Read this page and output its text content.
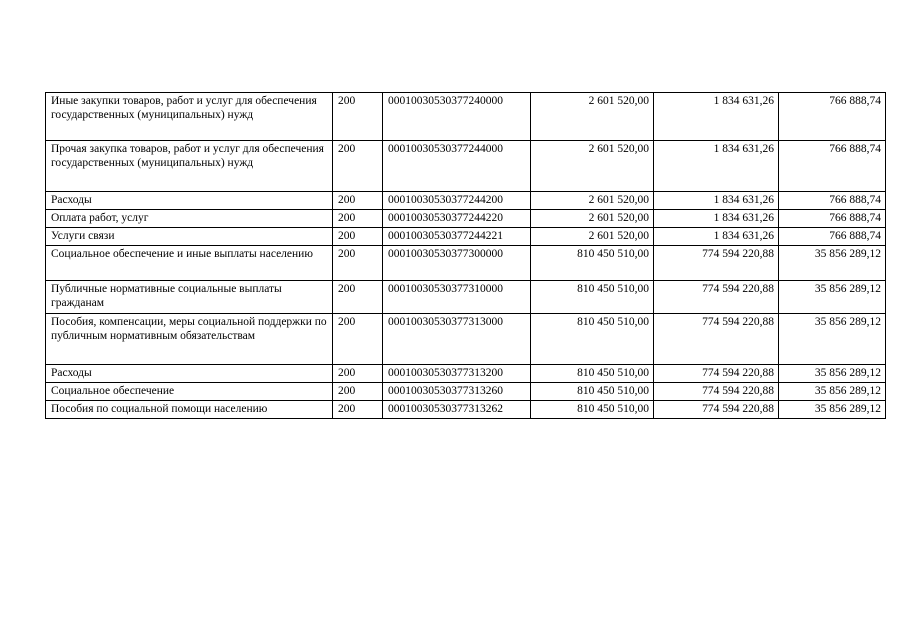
Иные закупки товаров, работ и услуг для обеспечения государственных (муниципальных) нужд	200	00010030530377240000	2 601 520,00	1 834 631,26	766 888,74
Прочая закупка товаров, работ и услуг для обеспечения государственных (муниципальных) нужд	200	00010030530377244000	2 601 520,00	1 834 631,26	766 888,74
Расходы	200	00010030530377244200	2 601 520,00	1 834 631,26	766 888,74
Оплата работ, услуг	200	00010030530377244220	2 601 520,00	1 834 631,26	766 888,74
Услуги связи	200	00010030530377244221	2 601 520,00	1 834 631,26	766 888,74
Социальное обеспечение и иные выплаты населению	200	00010030530377300000	810 450 510,00	774 594 220,88	35 856 289,12
Публичные нормативные социальные выплаты гражданам	200	00010030530377310000	810 450 510,00	774 594 220,88	35 856 289,12
Пособия, компенсации, меры социальной поддержки по публичным нормативным обязательствам	200	00010030530377313000	810 450 510,00	774 594 220,88	35 856 289,12
Расходы	200	00010030530377313200	810 450 510,00	774 594 220,88	35 856 289,12
Социальное обеспечение	200	00010030530377313260	810 450 510,00	774 594 220,88	35 856 289,12
Пособия по социальной помощи населению	200	00010030530377313262	810 450 510,00	774 594 220,88	35 856 289,12
